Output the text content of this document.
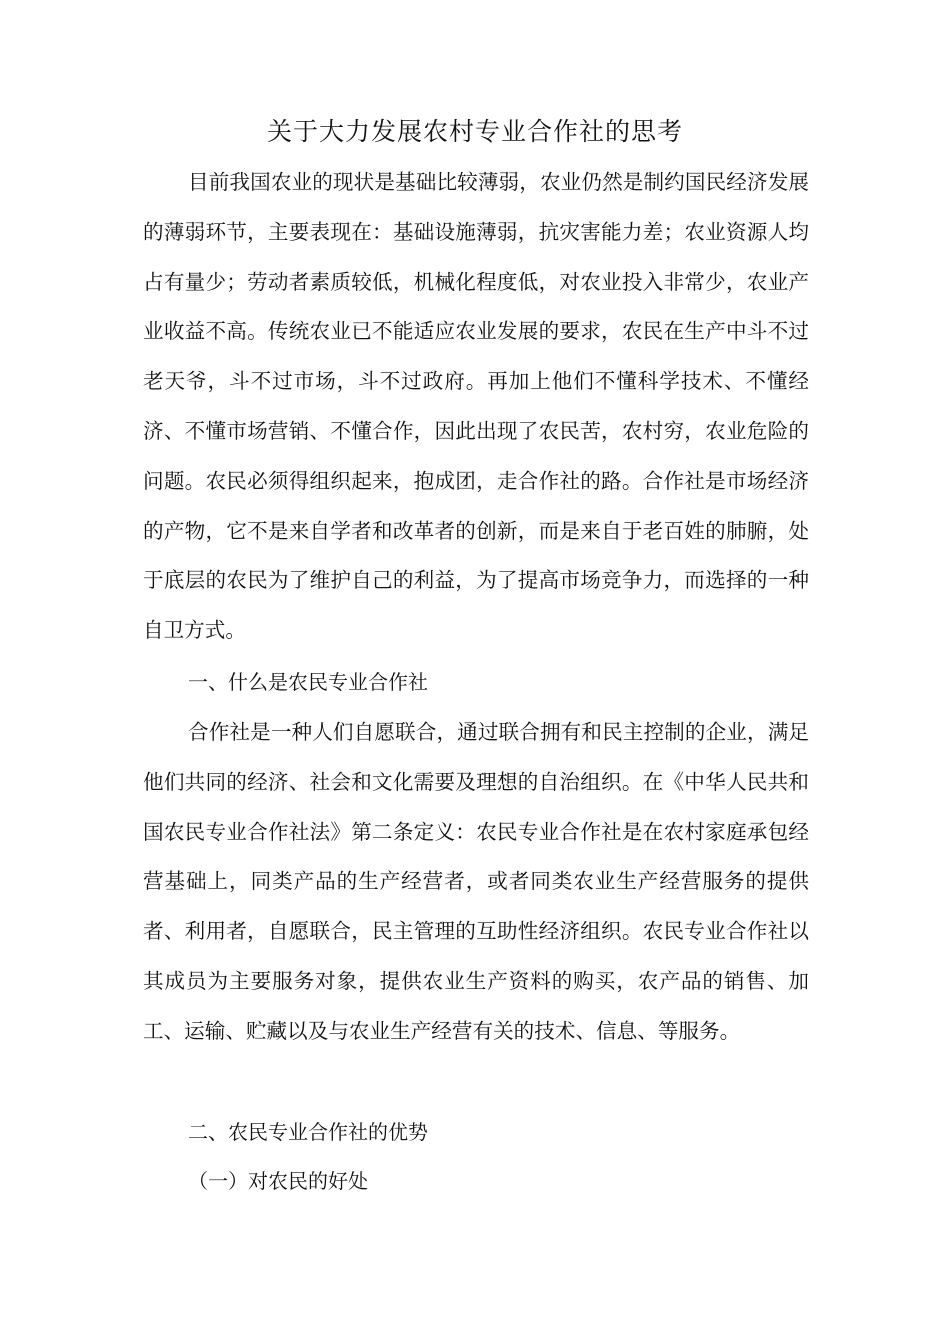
关于大力发展农村专业合作社的思考

目前我国农业的现状是基础比较薄弱，农业仍然是制约国民经济发展的薄弱环节，主要表现在：基础设施薄弱，抗灾害能力差；农业资源人均占有量少；劳动者素质较低，机械化程度低，对农业投入非常少，农业产业收益不高。传统农业已不能适应农业发展的要求，农民在生产中斗不过老天爷，斗不过市场，斗不过政府。再加上他们不懂科学技术、不懂经济、不懂市场营销、不懂合作，因此出现了农民苦，农村穷，农业危险的问题。农民必须得组织起来，抱成团，走合作社的路。合作社是市场经济的产物，它不是来自学者和改革者的创新，而是来自于老百姓的肺腑，处于底层的农民为了维护自己的利益，为了提高市场竞争力，而选择的一种自卫方式。

一、什么是农民专业合作社

合作社是一种人们自愿联合，通过联合拥有和民主控制的企业，满足他们共同的经济、社会和文化需要及理想的自治组织。在《中华人民共和国农民专业合作社法》第二条定义：农民专业合作社是在农村家庭承包经营基础上，同类产品的生产经营者，或者同类农业生产经营服务的提供者、利用者，自愿联合，民主管理的互助性经济组织。农民专业合作社以其成员为主要服务对象，提供农业生产资料的购买，农产品的销售、加工、运输、贮藏以及与农业生产经营有关的技术、信息、等服务。

二、农民专业合作社的优势

（一）对农民的好处
